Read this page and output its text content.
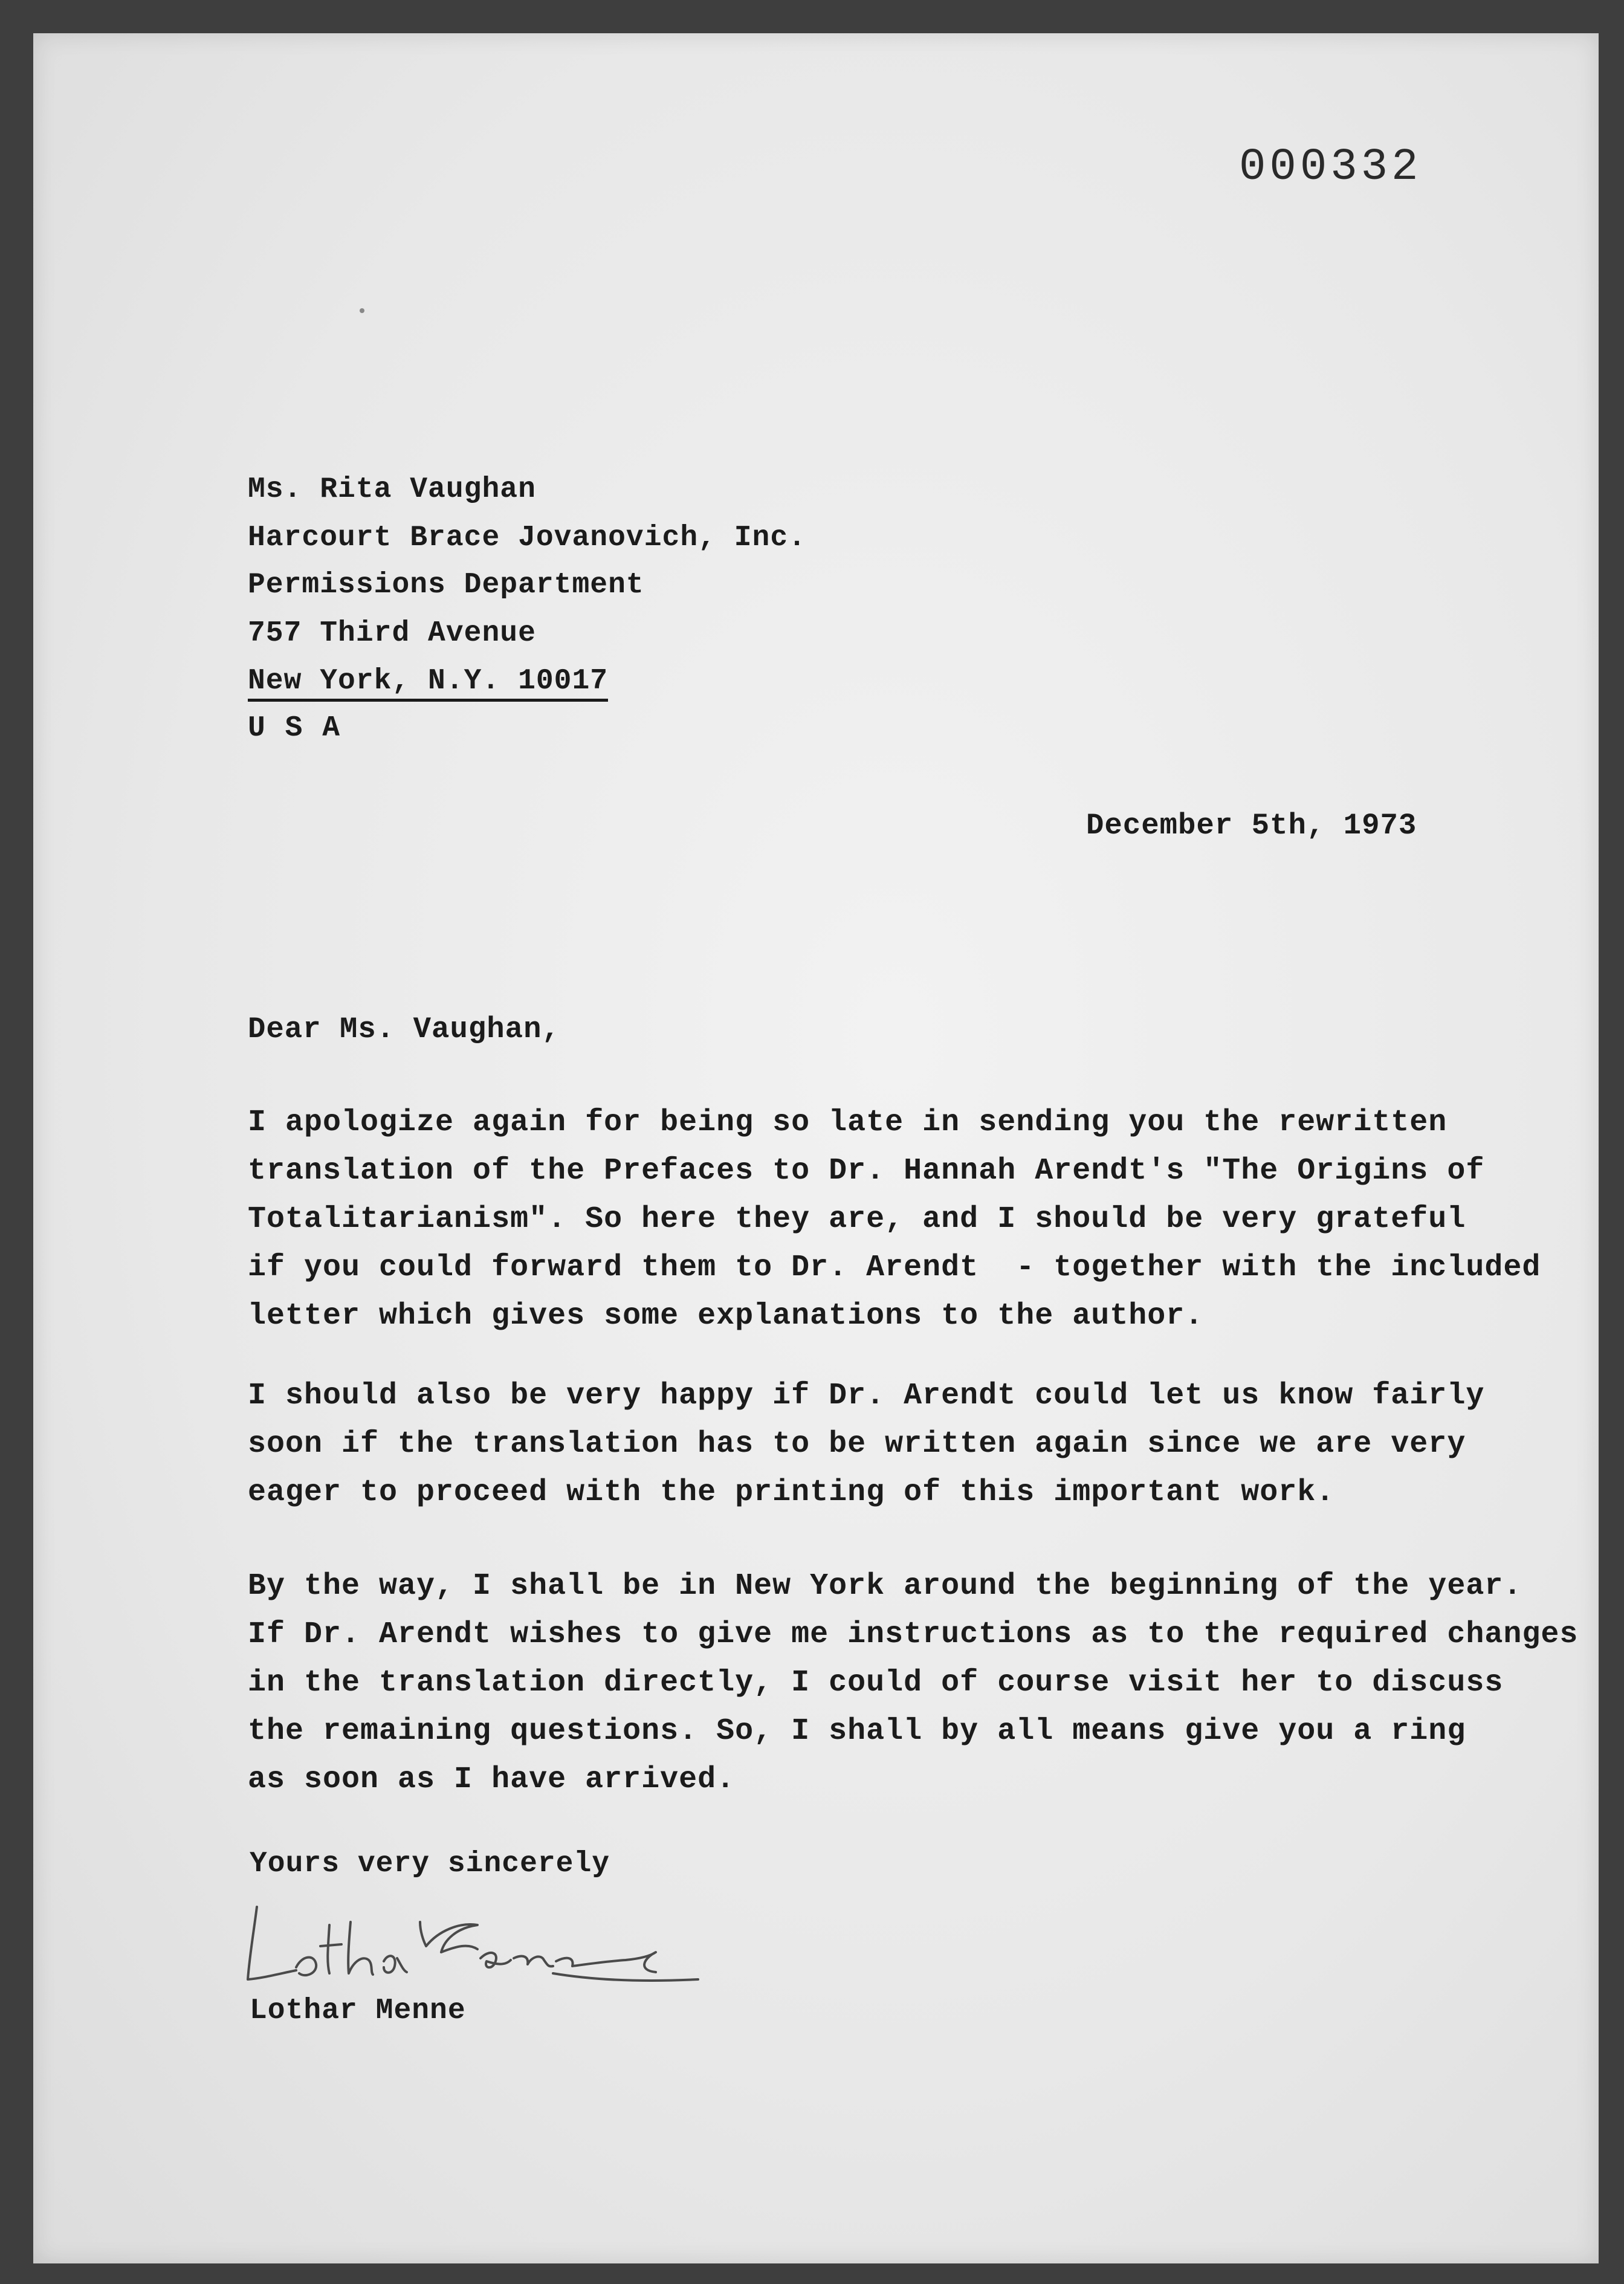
000332
Ms. Rita Vaughan
Harcourt Brace Jovanovich, Inc.
Permissions Department
757 Third Avenue
New York, N.Y. 10017
U S A
December 5th, 1973
Dear Ms. Vaughan,
I apologize again for being so late in sending you the rewritten
translation of the Prefaces to Dr. Hannah Arendt's "The Origins of
Totalitarianism". So here they are, and I should be very grateful
if you could forward them to Dr. Arendt  - together with the included
letter which gives some explanations to the author.
I should also be very happy if Dr. Arendt could let us know fairly
soon if the translation has to be written again since we are very
eager to proceed with the printing of this important work.
By the way, I shall be in New York around the beginning of the year.
If Dr. Arendt wishes to give me instructions as to the required changes
in the translation directly, I could of course visit her to discuss
the remaining questions. So, I shall by all means give you a ring
as soon as I have arrived.
Yours very sincerely
Lothar Menne
